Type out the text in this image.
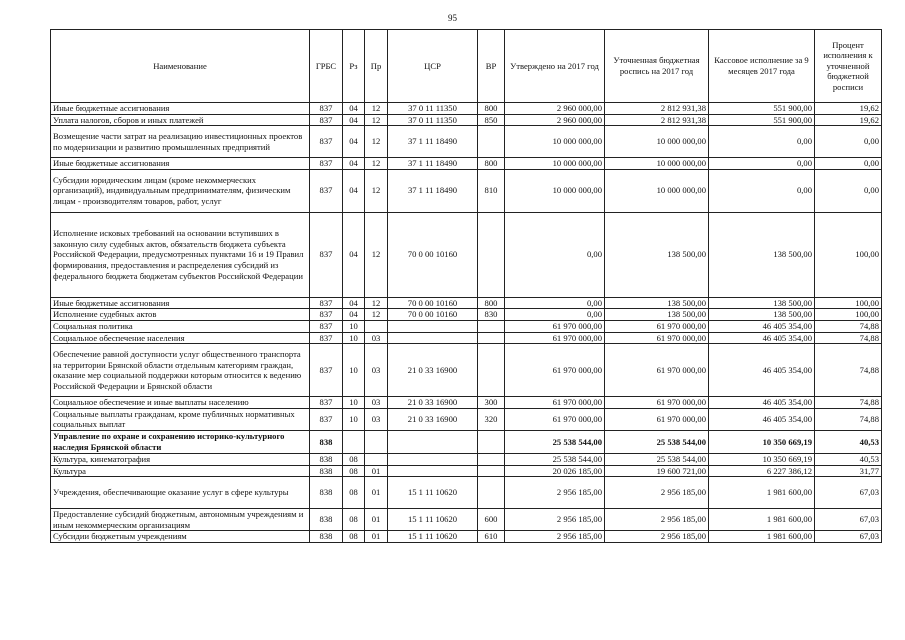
95
Наименование	ГРБС	Рз	Пр	ЦСР	ВР	Утверждено на 2017 год	Уточненная бюджетная роспись на 2017 год	Кассовое исполнение за 9 месяцев 2017 года	Процент исполнения к уточненной бюджетной росписи
Иные бюджетные ассигнования	837	04	12	37 0 11 11350	800	2 960 000,00	2 812 931,38	551 900,00	19,62
Уплата налогов, сборов и иных платежей	837	04	12	37 0 11 11350	850	2 960 000,00	2 812 931,38	551 900,00	19,62
Возмещение части затрат на реализацию инвестиционных проектов по модернизации и развитию промышленных предприятий	837	04	12	37 1 11 18490		10 000 000,00	10 000 000,00	0,00	0,00
Иные бюджетные ассигнования	837	04	12	37 1 11 18490	800	10 000 000,00	10 000 000,00	0,00	0,00
Субсидии юридическим лицам (кроме некоммерческих организаций), индивидуальным предпринимателям, физическим лицам - производителям товаров, работ, услуг	837	04	12	37 1 11 18490	810	10 000 000,00	10 000 000,00	0,00	0,00
Исполнение исковых требований на основании вступивших в законную силу судебных актов, обязательств бюджета субъекта Российской Федерации, предусмотренных пунктами 16 и 19 Правил формирования, предоставления и распределения субсидий из федерального бюджета бюджетам субъектов Российской Федерации	837	04	12	70 0 00 10160		0,00	138 500,00	138 500,00	100,00
Иные бюджетные ассигнования	837	04	12	70 0 00 10160	800	0,00	138 500,00	138 500,00	100,00
Исполнение судебных актов	837	04	12	70 0 00 10160	830	0,00	138 500,00	138 500,00	100,00
Социальная политика	837	10				61 970 000,00	61 970 000,00	46 405 354,00	74,88
Социальное обеспечение населения	837	10	03			61 970 000,00	61 970 000,00	46 405 354,00	74,88
Обеспечение равной доступности услуг общественного транспорта на территории Брянской области отдельным категориям граждан, оказание мер социальной поддержки которым относится к ведению Российской Федерации и Брянской области	837	10	03	21 0 33 16900		61 970 000,00	61 970 000,00	46 405 354,00	74,88
Социальное обеспечение и иные выплаты населению	837	10	03	21 0 33 16900	300	61 970 000,00	61 970 000,00	46 405 354,00	74,88
Социальные выплаты гражданам, кроме публичных нормативных социальных выплат	837	10	03	21 0 33 16900	320	61 970 000,00	61 970 000,00	46 405 354,00	74,88
Управление по охране и сохранению историко-культурного наследия Брянской области	838					25 538 544,00	25 538 544,00	10 350 669,19	40,53
Культура, кинематография	838	08				25 538 544,00	25 538 544,00	10 350 669,19	40,53
Культура	838	08	01			20 026 185,00	19 600 721,00	6 227 386,12	31,77
Учреждения, обеспечивающие оказание услуг в сфере культуры	838	08	01	15 1 11 10620		2 956 185,00	2 956 185,00	1 981 600,00	67,03
Предоставление субсидий бюджетным, автономным учреждениям и иным некоммерческим организациям	838	08	01	15 1 11 10620	600	2 956 185,00	2 956 185,00	1 981 600,00	67,03
Субсидии бюджетным учреждениям	838	08	01	15 1 11 10620	610	2 956 185,00	2 956 185,00	1 981 600,00	67,03
